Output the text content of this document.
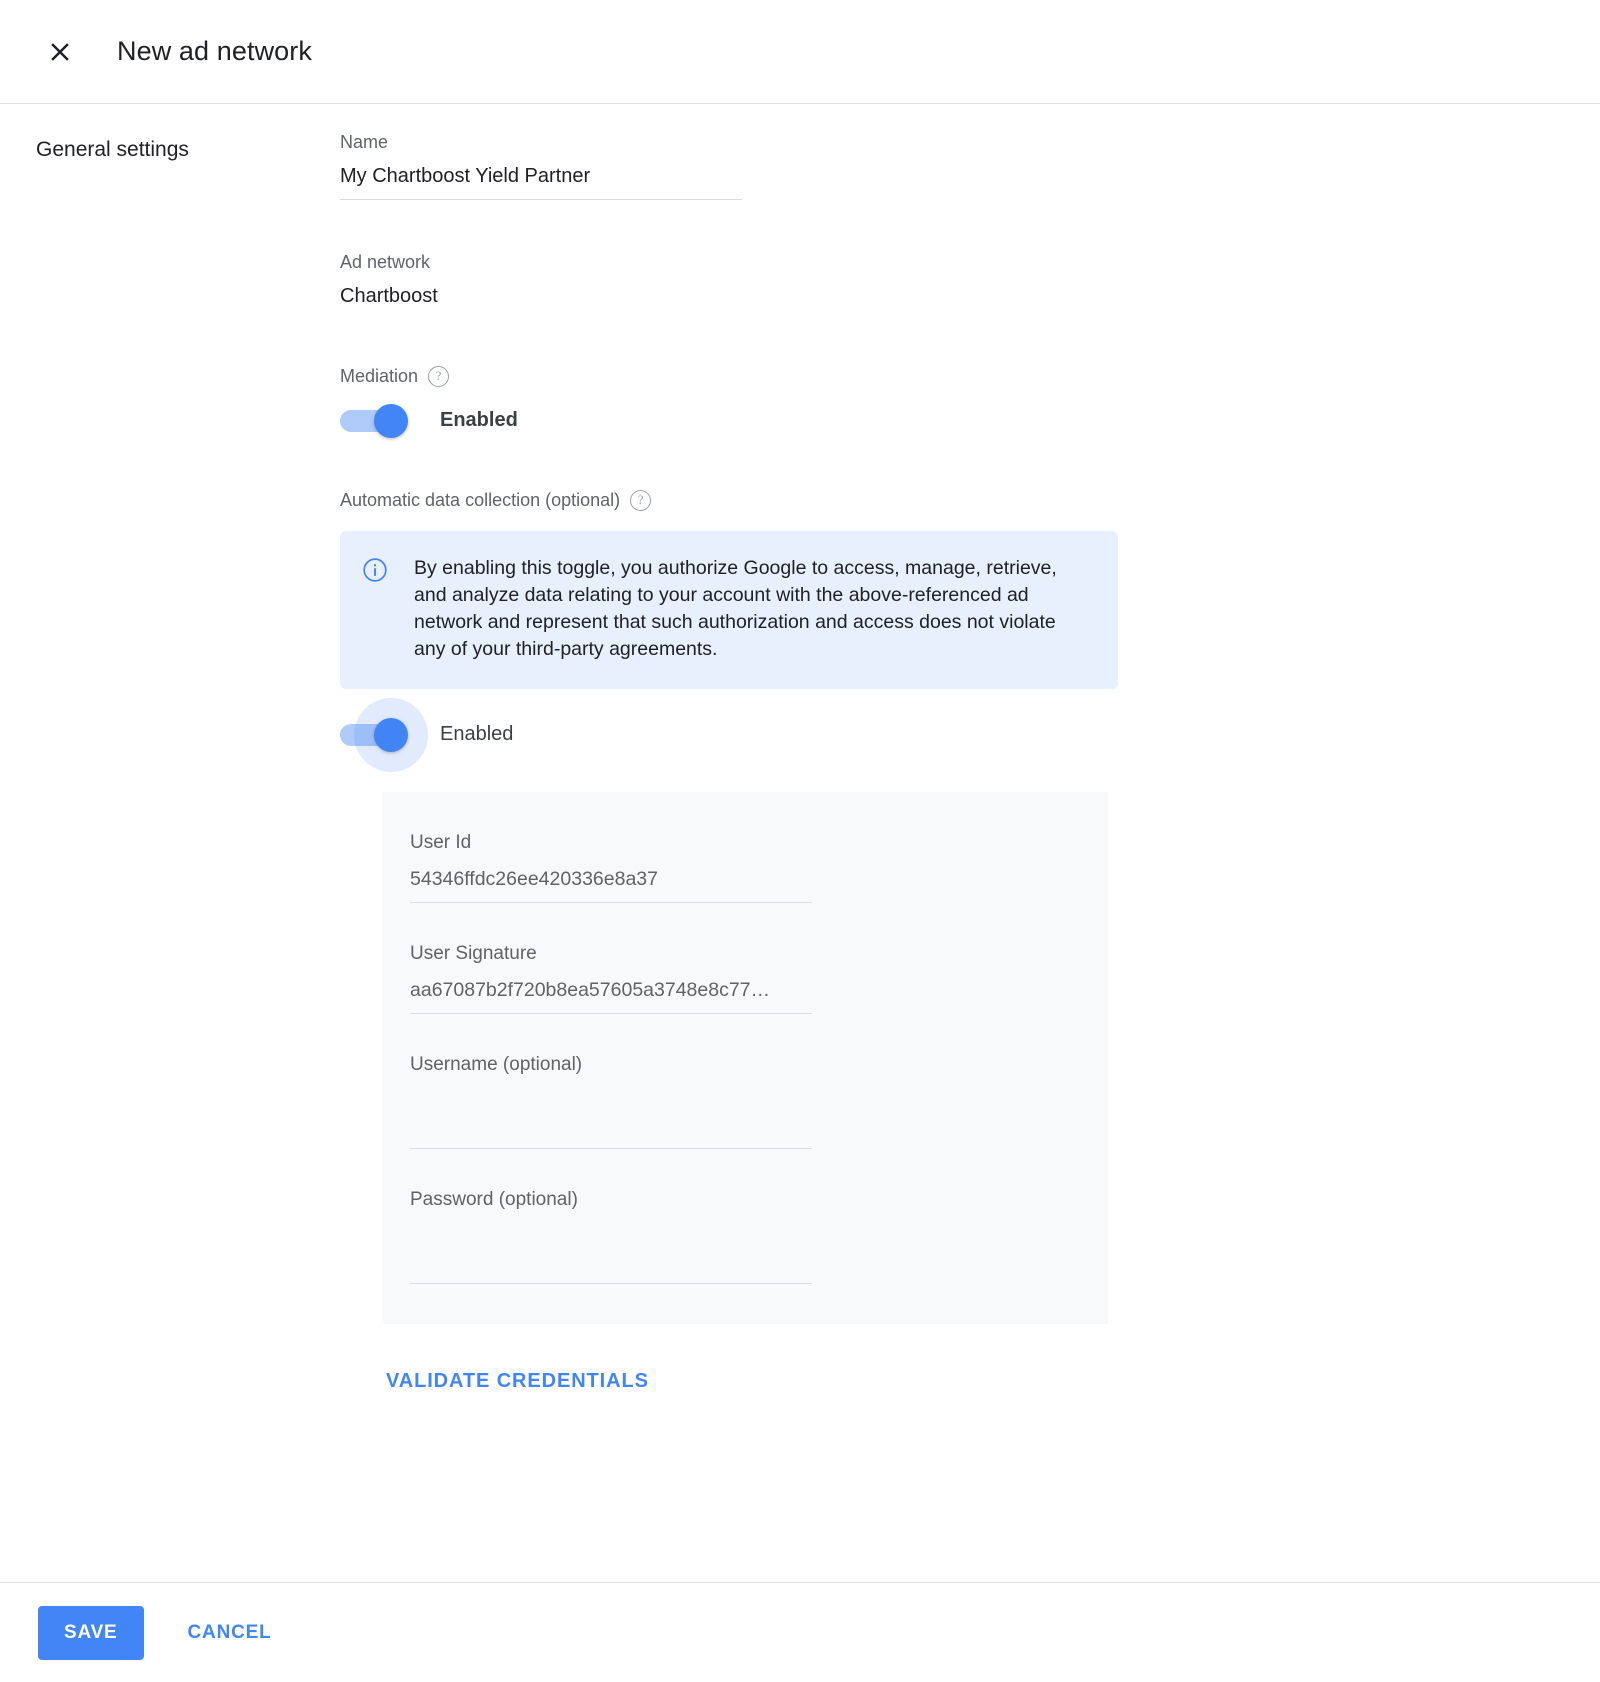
New ad network
General settings	Name
My Chartboost Yield Partner
Ad network
Chartboost
Mediation	?
Enabled
Automatic data collection (optional)	?
By enabling this toggle, you authorize Google to access, manage, retrieve, and analyze data relating to your account with the above-referenced ad network and represent that such authorization and access does not violate any of your third-party agreements.
Enabled
User Id
54346ffdc26ee420336e8a37
User Signature
aa67087b2f720b8ea57605a3748e8c77…
Username (optional)
Password (optional)
VALIDATE CREDENTIALS
SAVE	CANCEL
